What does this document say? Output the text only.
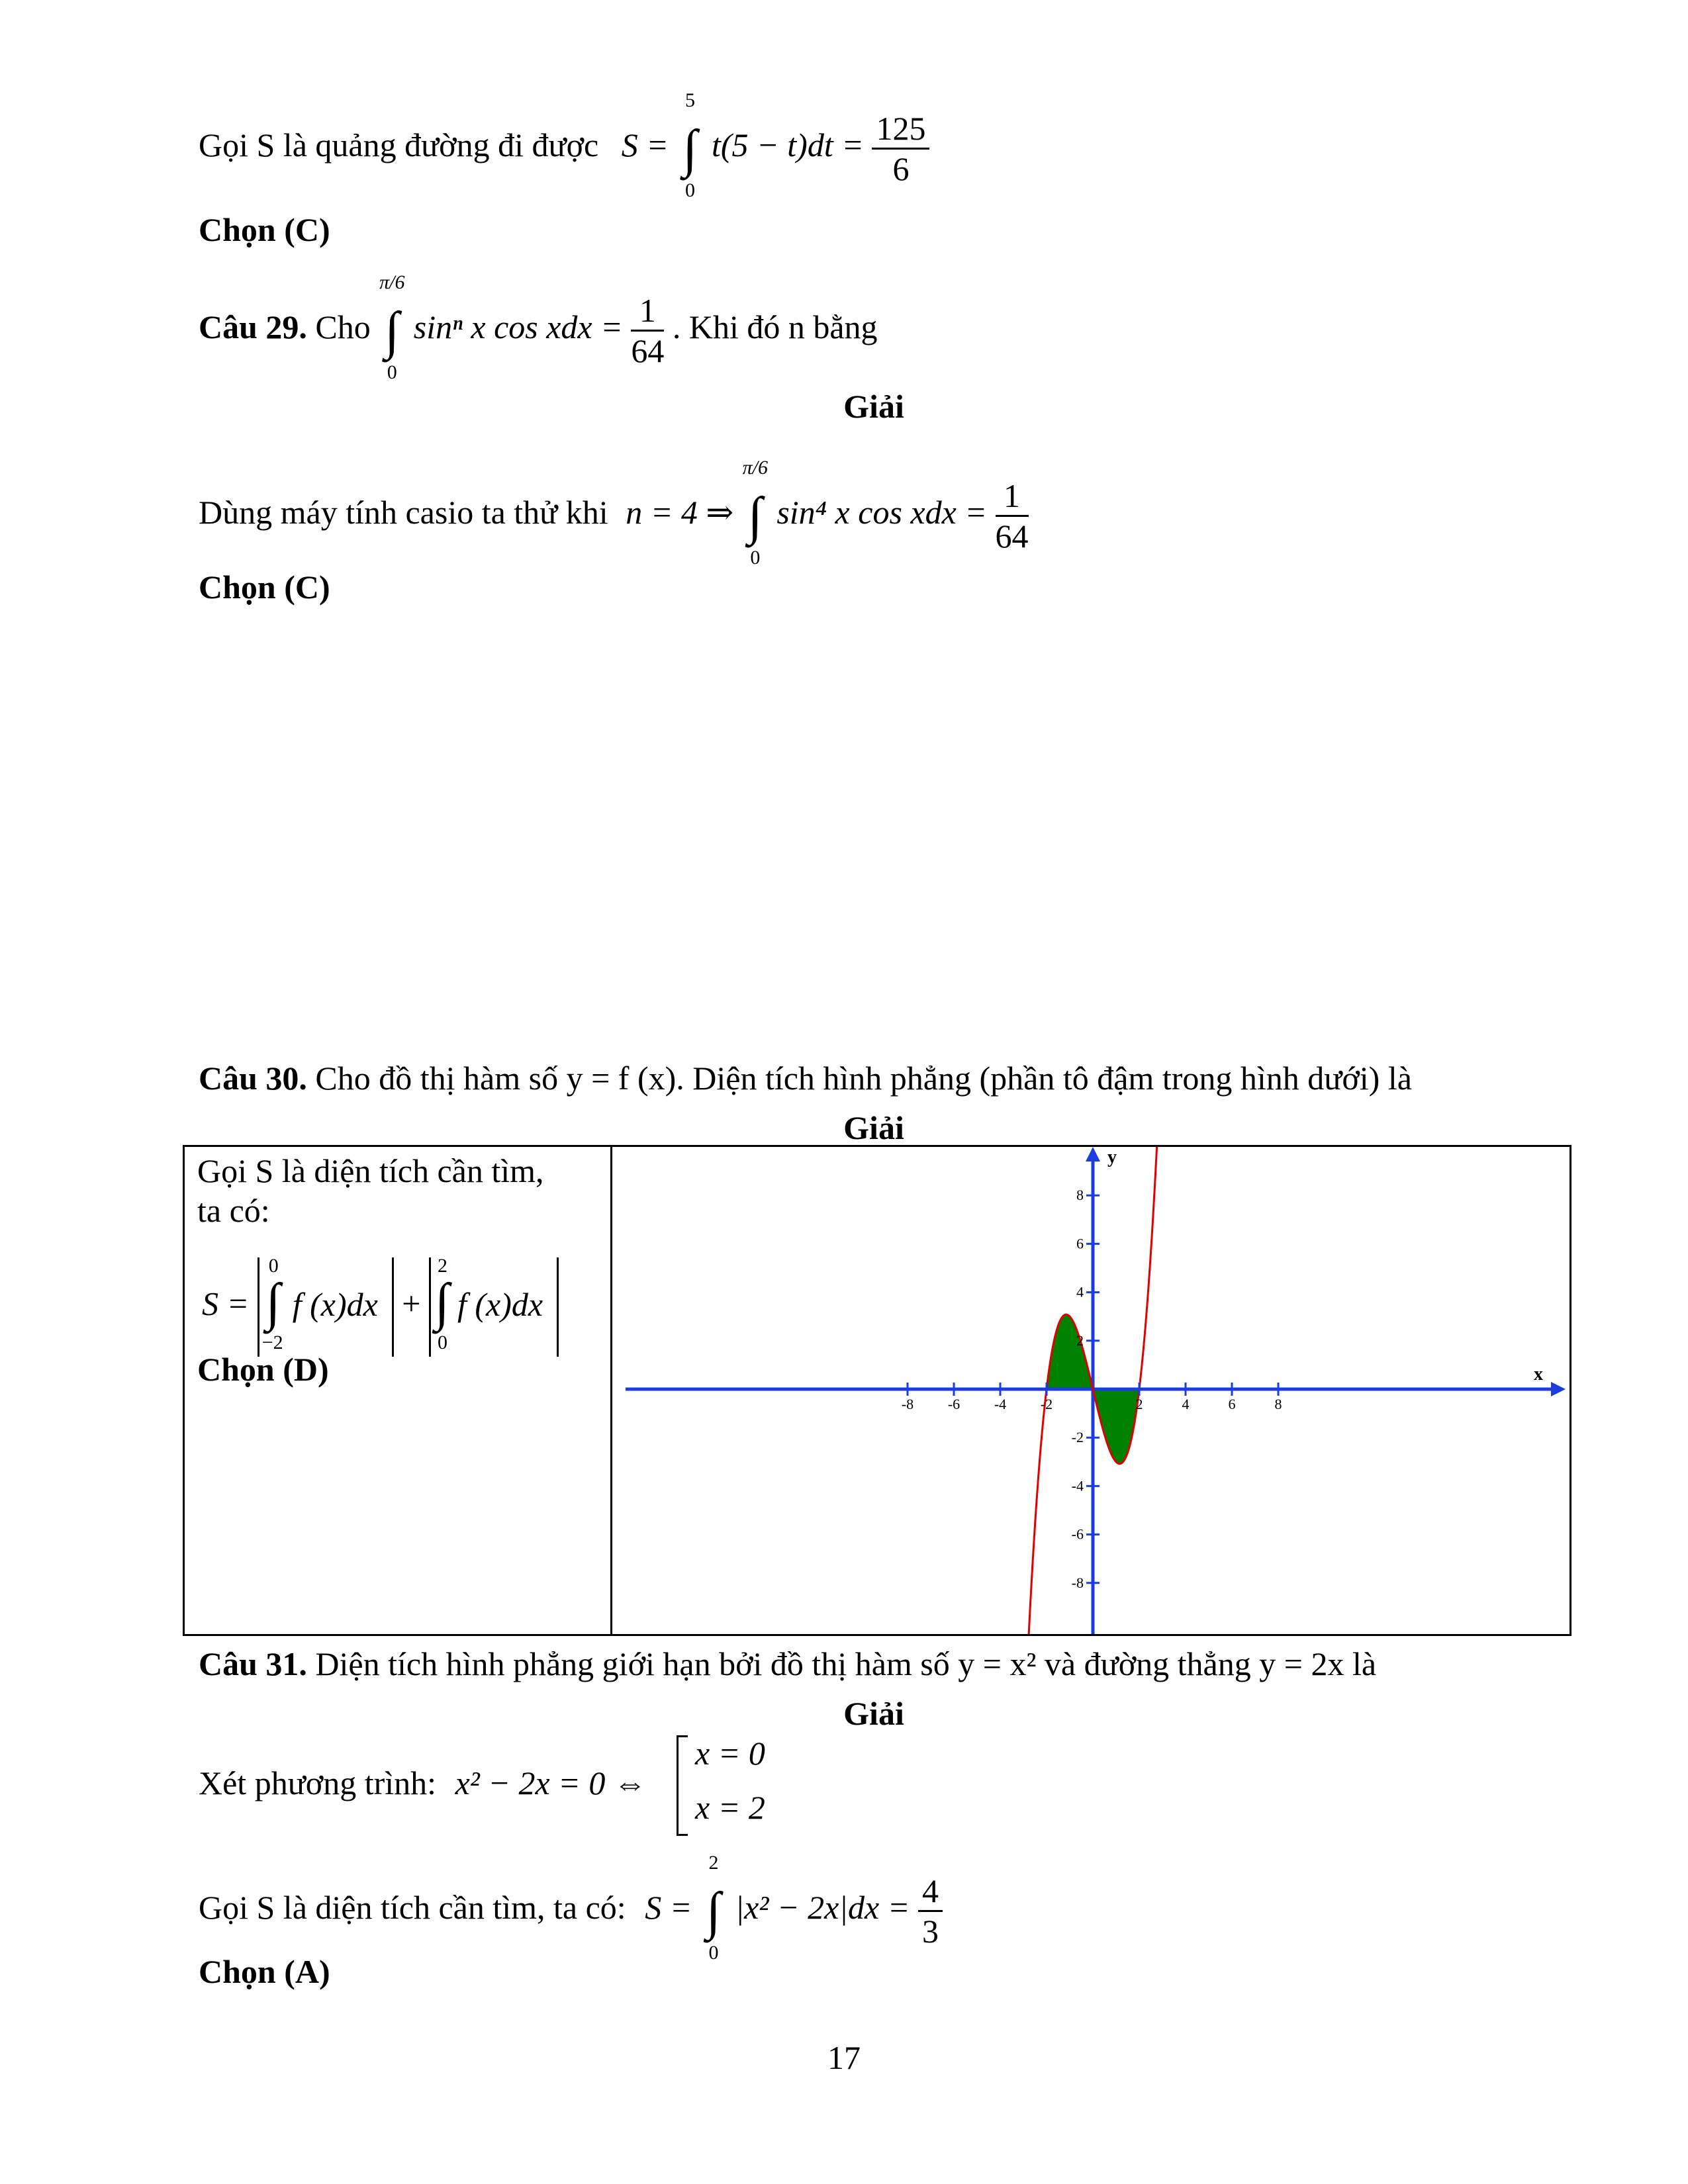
Gọi S là quảng đường đi được S =
5
∫
0
$t(5 - t)dt = \frac{125}{6}$
Chọn (C)
Câu 29. Cho
π/6
∫
0
sinⁿ x cos xdx = $\frac{1}{64}$ . Khi đó n bằng
Giải
Dùng máy tính casio ta thử khi n = 4 ⇒
π/6
∫
0
sin⁴ x cos xdx = $\frac{1}{64}$
Chọn (C)
Câu 30. Cho đồ thị hàm số y = f (x). Diện tích hình phẳng (phần tô đậm trong hình dưới) là
Giải
Gọi S là diện tích cần tìm,
ta có:
S =
0
∫
−2
f (x)dx +
2
∫
0
f (x)dx
Chọn (D)
-8 -6 -4 -2	2	4	6	8
8
6
4
2
-2
-4
-6
-8
x
y
Câu 31. Diện tích hình phẳng giới hạn bởi đồ thị hàm số y = x² và đường thẳng y = 2x là
Giải
Xét phương trình: x² − 2x = 0 ⇔
x = 0
x = 2
Gọi S là diện tích cần tìm, ta có: S =
2
∫
0
$|x^2 - 2x|dx = \frac{4}{3}$
Chọn (A)
17
